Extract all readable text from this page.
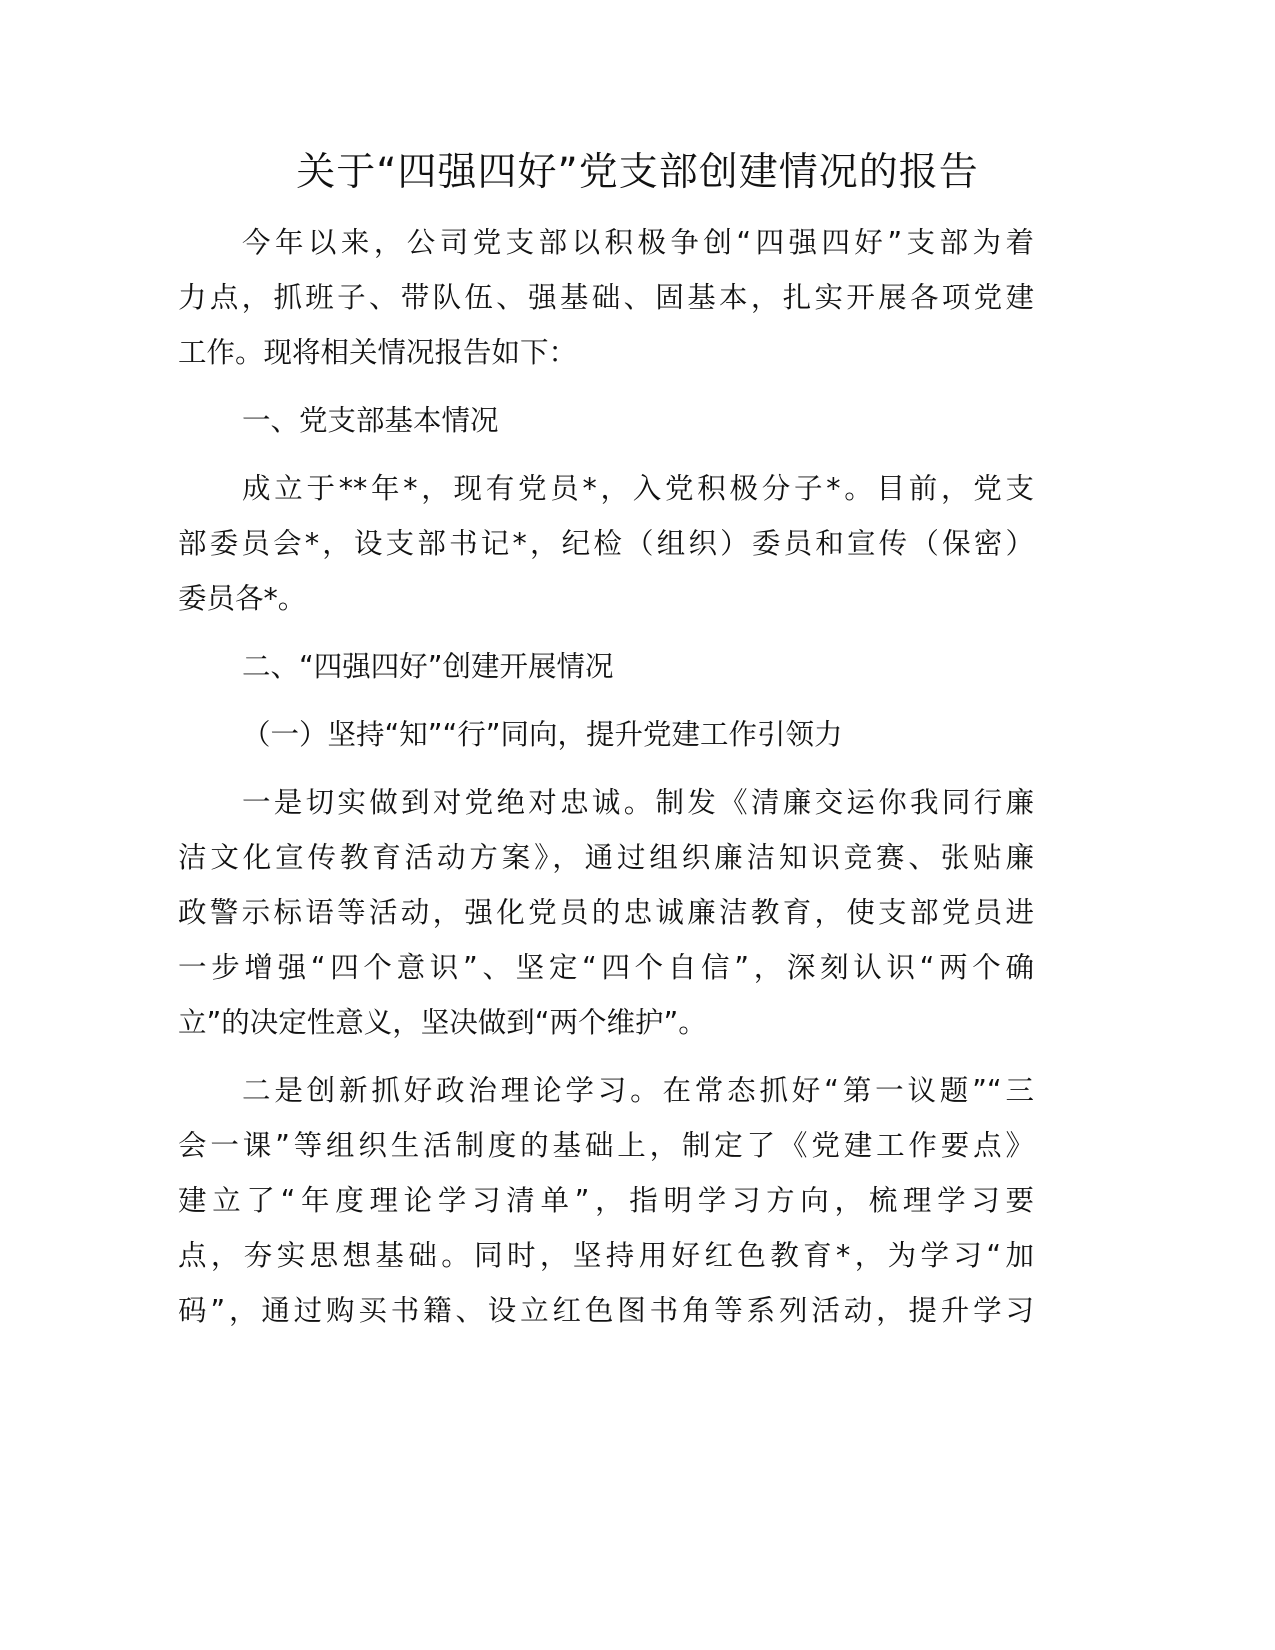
关于“四强四好”党支部创建情况的报告
今年以来，公司党支部以积极争创“四强四好”支部为着
力点，抓班子、带队伍、强基础、固基本，扎实开展各项党建
工作。现将相关情况报告如下：
一、党支部基本情况
成立于**年*，现有党员*，入党积极分子*。目前，党支
部委员会*，设支部书记*，纪检（组织）委员和宣传（保密）
委员各*。
二、“四强四好”创建开展情况
（一）坚持“知”“行”同向，提升党建工作引领力
一是切实做到对党绝对忠诚。制发《清廉交运你我同行廉
洁文化宣传教育活动方案》，通过组织廉洁知识竞赛、张贴廉
政警示标语等活动，强化党员的忠诚廉洁教育，使支部党员进
一步增强“四个意识”、坚定“四个自信”，深刻认识“两个确
立”的决定性意义，坚决做到“两个维护”。
二是创新抓好政治理论学习。在常态抓好“第一议题”“三
会一课”等组织生活制度的基础上，制定了《党建工作要点》
建立了“年度理论学习清单”，指明学习方向，梳理学习要
点，夯实思想基础。同时，坚持用好红色教育*，为学习“加
码”，通过购买书籍、设立红色图书角等系列活动，提升学习
